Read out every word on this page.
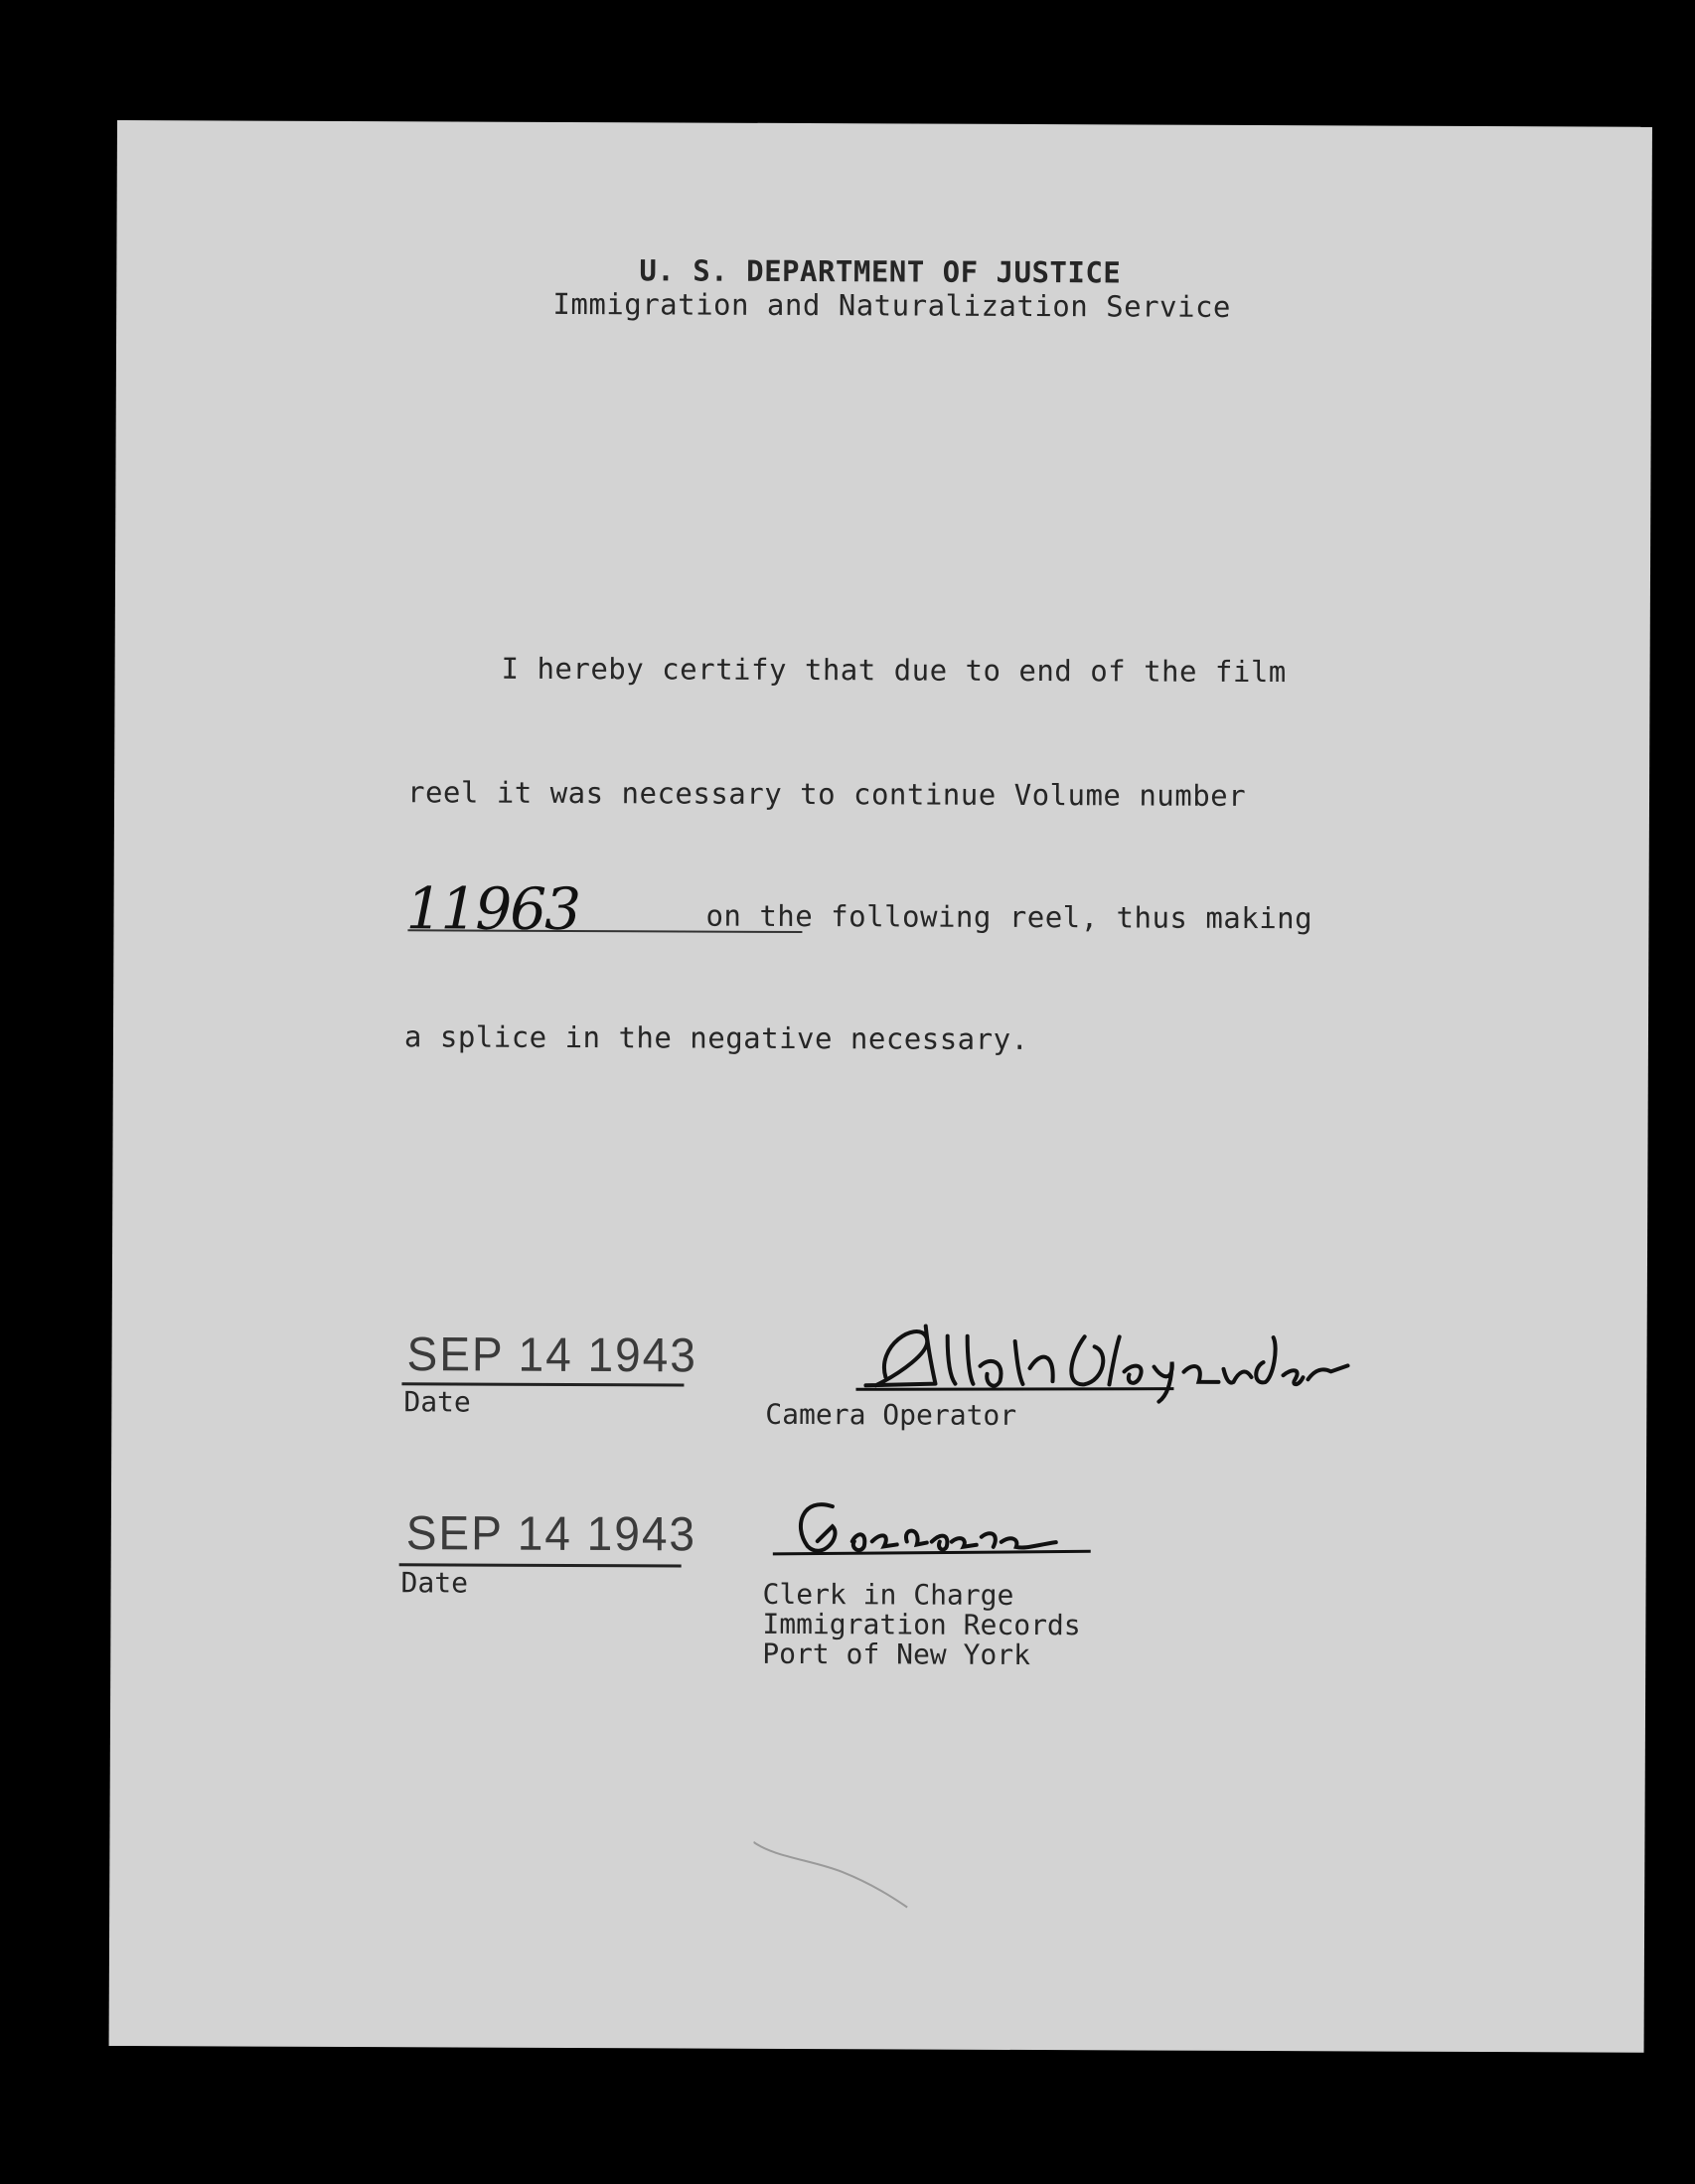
U. S. DEPARTMENT OF JUSTICE
Immigration and Naturalization Service
I hereby certify that due to end of the film
reel it was necessary to continue Volume number
11963	on the following reel, thus making
a splice in the negative necessary.
SEP 14 1943
Date	Camera Operator
SEP 14 1943
Date	Clerk in Charge
Immigration Records
Port of New York
